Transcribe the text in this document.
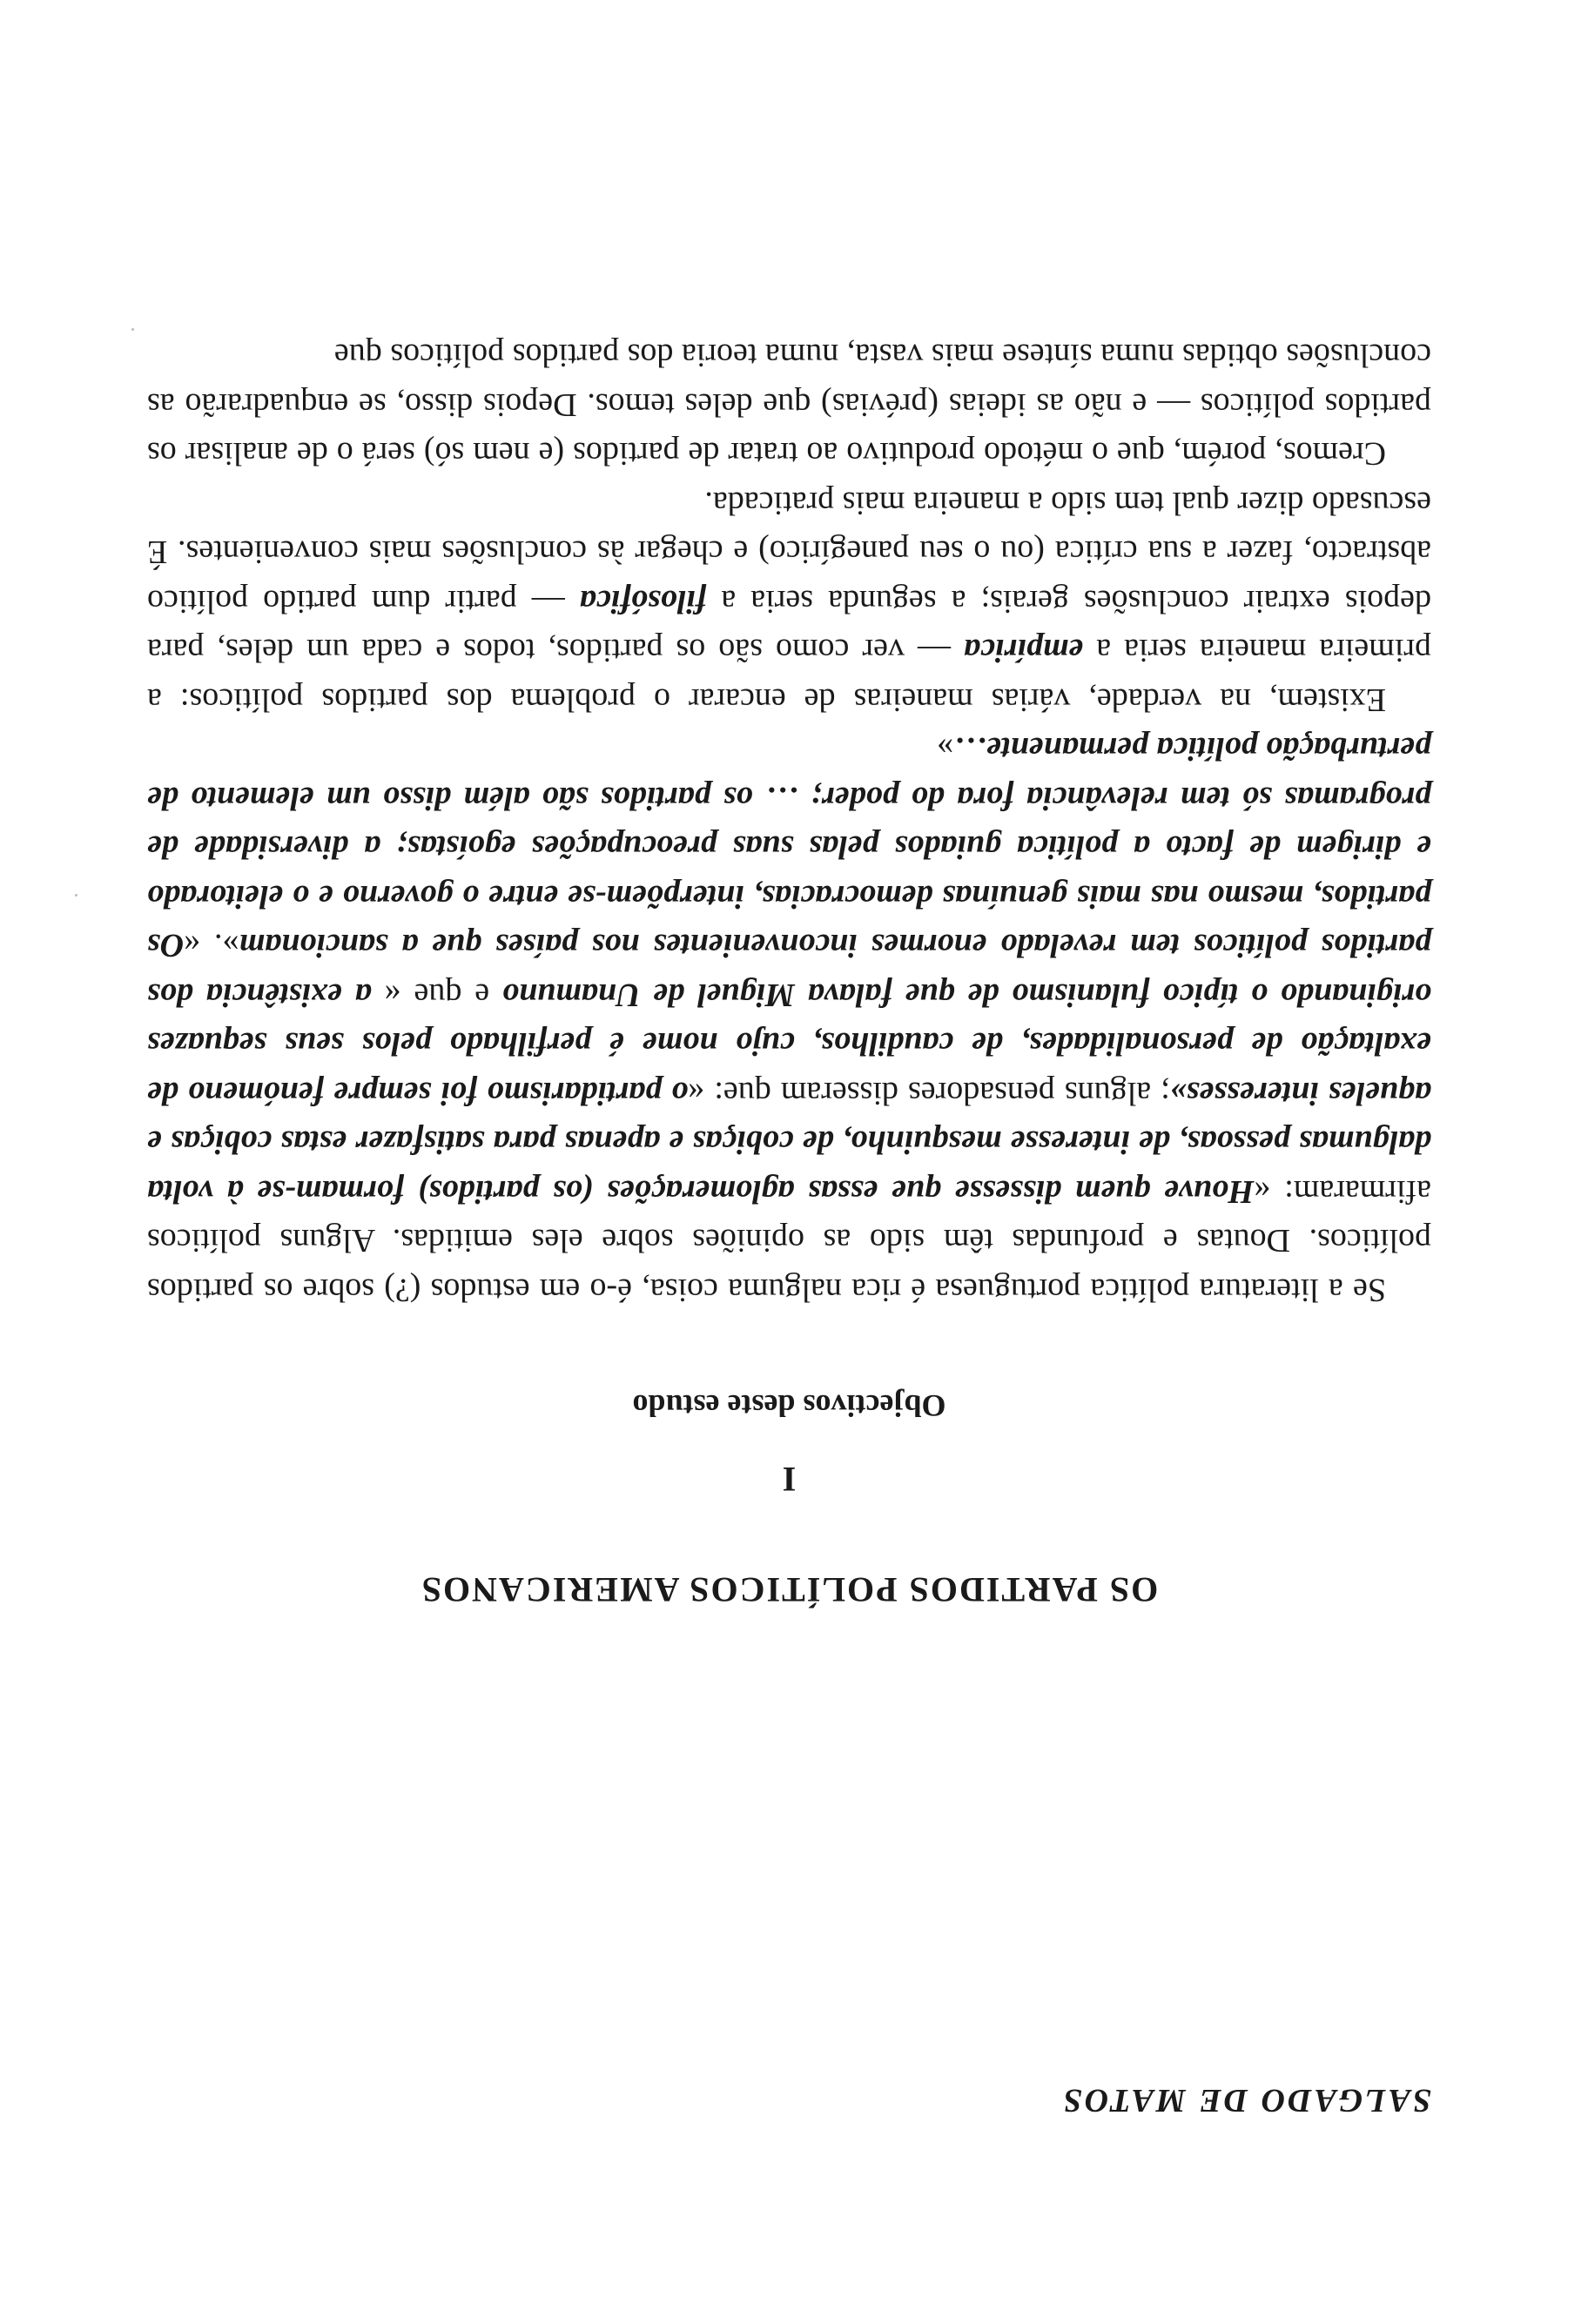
SALGADO DE MATOS
OS PARTIDOS POLÍTICOS AMERICANOS
I
Objectivos deste estudo

Se a literatura política portuguesa é rica nalguma coisa, é-o em estudos (?) sobre os partidos políticos. Doutas e profundas têm sido as opiniões sobre eles emitidas. Alguns políticos afirmaram: «Houve quem dissesse que essas aglomerações (os partidos) formam-se à volta dalgumas pessoas, de interesse mesquinho, de cobiças e apenas para satisfazer estas cobiças e aqueles interesses»; alguns pensadores disseram que: «o partidarismo foi sempre fenómeno de exaltação de personalidades, de caudilhos, cujo nome é perfilhado pelos seus sequazes originando o típico fulanismo de que falava Miguel de Unamuno e que « a existência dos partidos políticos tem revelado enormes inconvenientes nos países que a sancionam». «Os partidos, mesmo nas mais genuínas democracias, interpõem-se entre o governo e o eleitorado e dirigem de facto a política guiados pelas suas preocupações egoístas; a diversidade de programas só tem relevância fora do poder; … os partidos são além disso um elemento de perturbação política permanente…»

Existem, na verdade, várias maneiras de encarar o problema dos partidos políticos: a primeira maneira seria a empírica — ver como são os partidos, todos e cada um deles, para depois extrair conclusões gerais; a segunda seria a filosófica — partir dum partido político abstracto, fazer a sua crítica (ou o seu panegírico) e chegar às conclusões mais convenientes. É escusado dizer qual tem sido a maneira mais praticada.

Cremos, porém, que o método produtivo ao tratar de partidos (e nem só) será o de analisar os partidos políticos — e não as ideias (prévias) que deles temos. Depois disso, se enquadrarão as conclusões obtidas numa síntese mais vasta, numa teoria dos partidos políticos que
